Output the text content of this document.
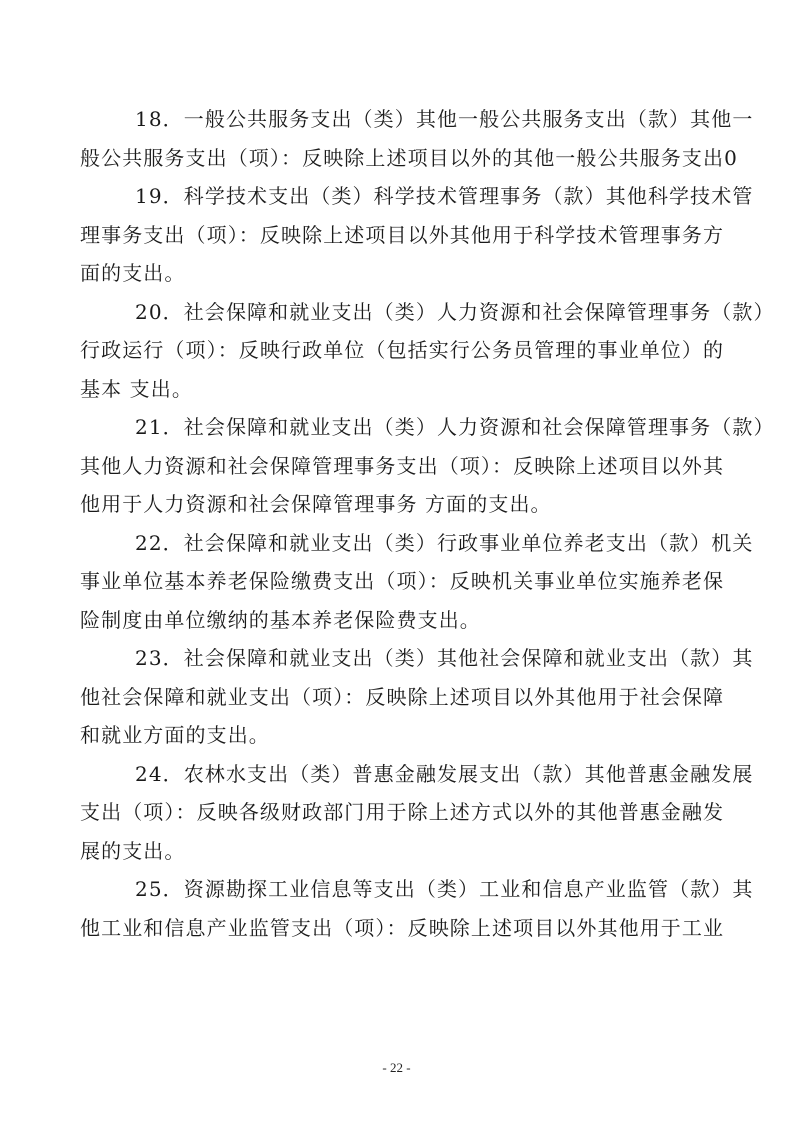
18．一般公共服务支出（类）其他一般公共服务支出（款）其他一
般公共服务支出（项）：反映除上述项目以外的其他一般公共服务支出0

19．科学技术支出（类）科学技术管理事务（款）其他科学技术管
理事务支出（项）：反映除上述项目以外其他用于科学技术管理事务方
面的支出。

20．社会保障和就业支出（类）人力资源和社会保障管理事务（款）
行政运行（项）：反映行政单位（包括实行公务员管理的事业单位）的
基本 支出。

21．社会保障和就业支出（类）人力资源和社会保障管理事务（款）
其他人力资源和社会保障管理事务支出（项）：反映除上述项目以外其
他用于人力资源和社会保障管理事务 方面的支出。

22．社会保障和就业支出（类）行政事业单位养老支出（款）机关
事业单位基本养老保险缴费支出（项）：反映机关事业单位实施养老保
险制度由单位缴纳的基本养老保险费支出。

23．社会保障和就业支出（类）其他社会保障和就业支出（款）其
他社会保障和就业支出（项）：反映除上述项目以外其他用于社会保障
和就业方面的支出。

24．农林水支出（类）普惠金融发展支出（款）其他普惠金融发展
支出（项）：反映各级财政部门用于除上述方式以外的其他普惠金融发
展的支出。

25．资源勘探工业信息等支出（类）工业和信息产业监管（款）其
他工业和信息产业监管支出（项）：反映除上述项目以外其他用于工业

- 22 -
